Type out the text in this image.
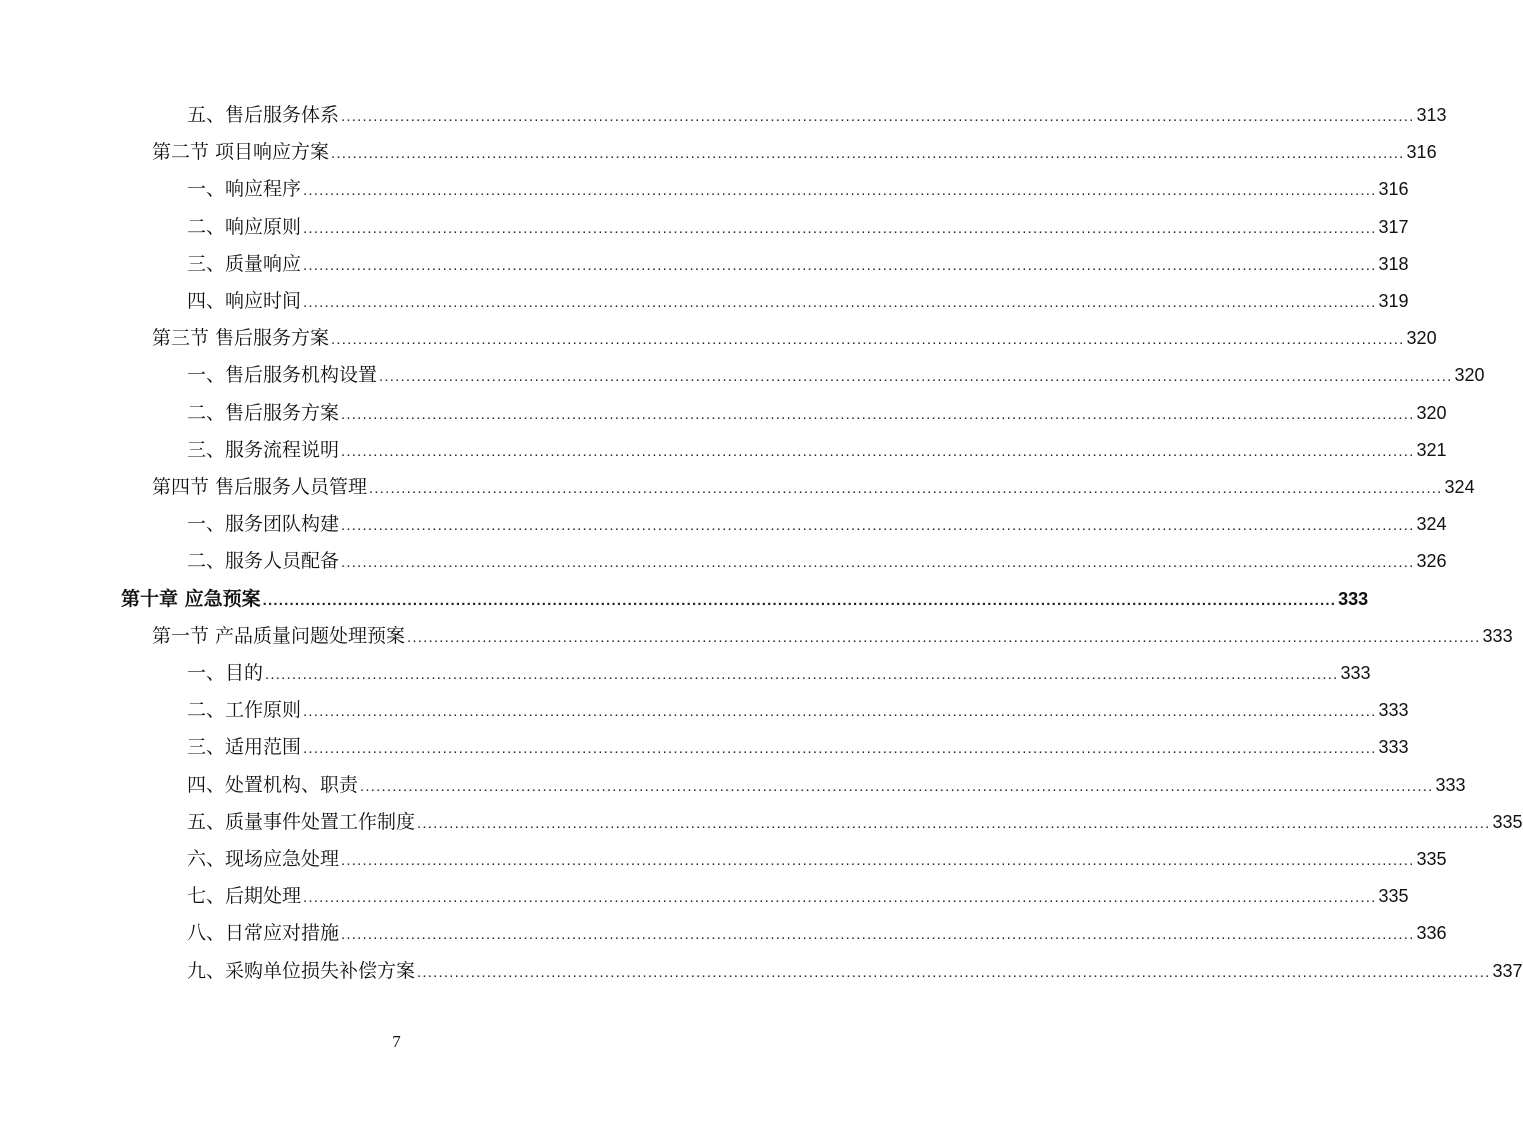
五、售后服务体系 ........................................................................................................................................................................................................ 313
第二节 项目响应方案 ........................................................................................................................................................................................................ 316
一、响应程序 ........................................................................................................................................................................................................ 316
二、响应原则 ........................................................................................................................................................................................................ 317
三、质量响应 ........................................................................................................................................................................................................ 318
四、响应时间 ........................................................................................................................................................................................................ 319
第三节 售后服务方案 ........................................................................................................................................................................................................ 320
一、售后服务机构设置 ........................................................................................................................................................................................................ 320
二、售后服务方案 ........................................................................................................................................................................................................ 320
三、服务流程说明 ........................................................................................................................................................................................................ 321
第四节 售后服务人员管理 ........................................................................................................................................................................................................ 324
一、服务团队构建 ........................................................................................................................................................................................................ 324
二、服务人员配备 ........................................................................................................................................................................................................ 326
第十章 应急预案 ........................................................................................................................................................................................................ 333
第一节 产品质量问题处理预案 ........................................................................................................................................................................................................ 333
一、目的 ........................................................................................................................................................................................................ 333
二、工作原则 ........................................................................................................................................................................................................ 333
三、适用范围 ........................................................................................................................................................................................................ 333
四、处置机构、职责 ........................................................................................................................................................................................................ 333
五、质量事件处置工作制度 ........................................................................................................................................................................................................ 335
六、现场应急处理 ........................................................................................................................................................................................................ 335
七、后期处理 ........................................................................................................................................................................................................ 335
八、日常应对措施 ........................................................................................................................................................................................................ 336
九、采购单位损失补偿方案 ........................................................................................................................................................................................................ 337
7
